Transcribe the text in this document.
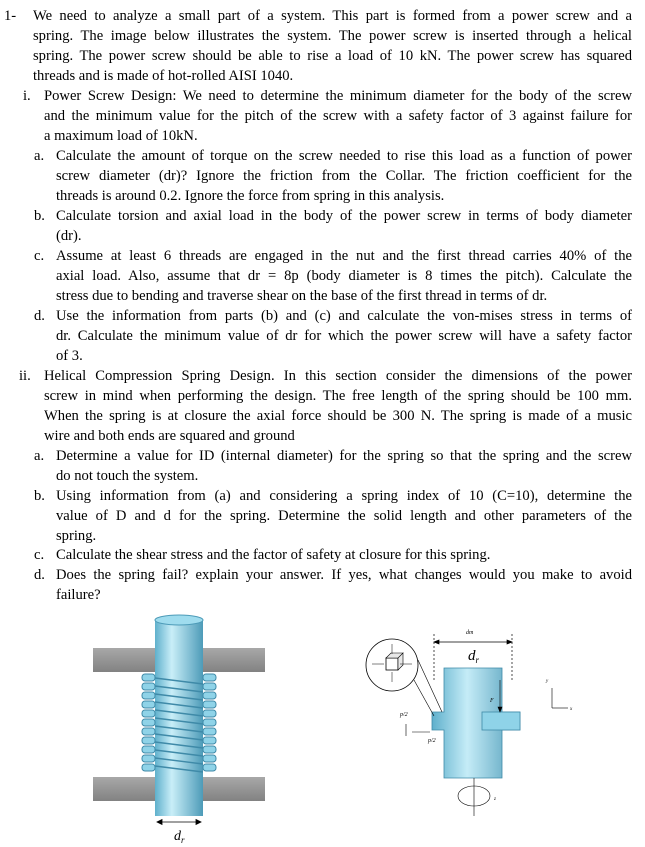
1- We need to analyze a small part of a system. This part is formed from a power screw and a
spring. The image below illustrates the system. The power screw is inserted through a helical
spring. The power screw should be able to rise a load of 10 kN. The power screw has squared
threads and is made of hot-rolled AISI 1040.
i. Power Screw Design: We need to determine the minimum diameter for the body of the screw
and the minimum value for the pitch of the screw with a safety factor of 3 against failure for
a maximum load of 10kN.
a. Calculate the amount of torque on the screw needed to rise this load as a function of power
screw diameter (dr)? Ignore the friction from the Collar. The friction coefficient for the
threads is around 0.2. Ignore the force from spring in this analysis.
b. Calculate torsion and axial load in the body of the power screw in terms of body diameter
(dr).
c. Assume at least 6 threads are engaged in the nut and the first thread carries 40% of the
axial load. Also, assume that dr = 8p (body diameter is 8 times the pitch). Calculate the
stress due to bending and traverse shear on the base of the first thread in terms of dr.
d. Use the information from parts (b) and (c) and calculate the von-mises stress in terms of
dr. Calculate the minimum value of dr for which the power screw will have a safety factor
of 3.
ii. Helical Compression Spring Design. In this section consider the dimensions of the power
screw in mind when performing the design. The free length of the spring should be 100 mm.
When the spring is at closure the axial force should be 300 N. The spring is made of a music
wire and both ends are squared and ground
a. Determine a value for ID (internal diameter) for the spring so that the spring and the screw
do not touch the system.
b. Using information from (a) and considering a spring index of 10 (C=10), determine the
value of D and d for the spring. Determine the solid length and other parameters of the
spring.
c. Calculate the shear stress and the factor of safety at closure for this spring.
d. Does the spring fail? explain your answer. If yes, what changes would you make to avoid
failure?
$d_r$
dm
$d_r$
F
p/2
p/2
y
x
z
